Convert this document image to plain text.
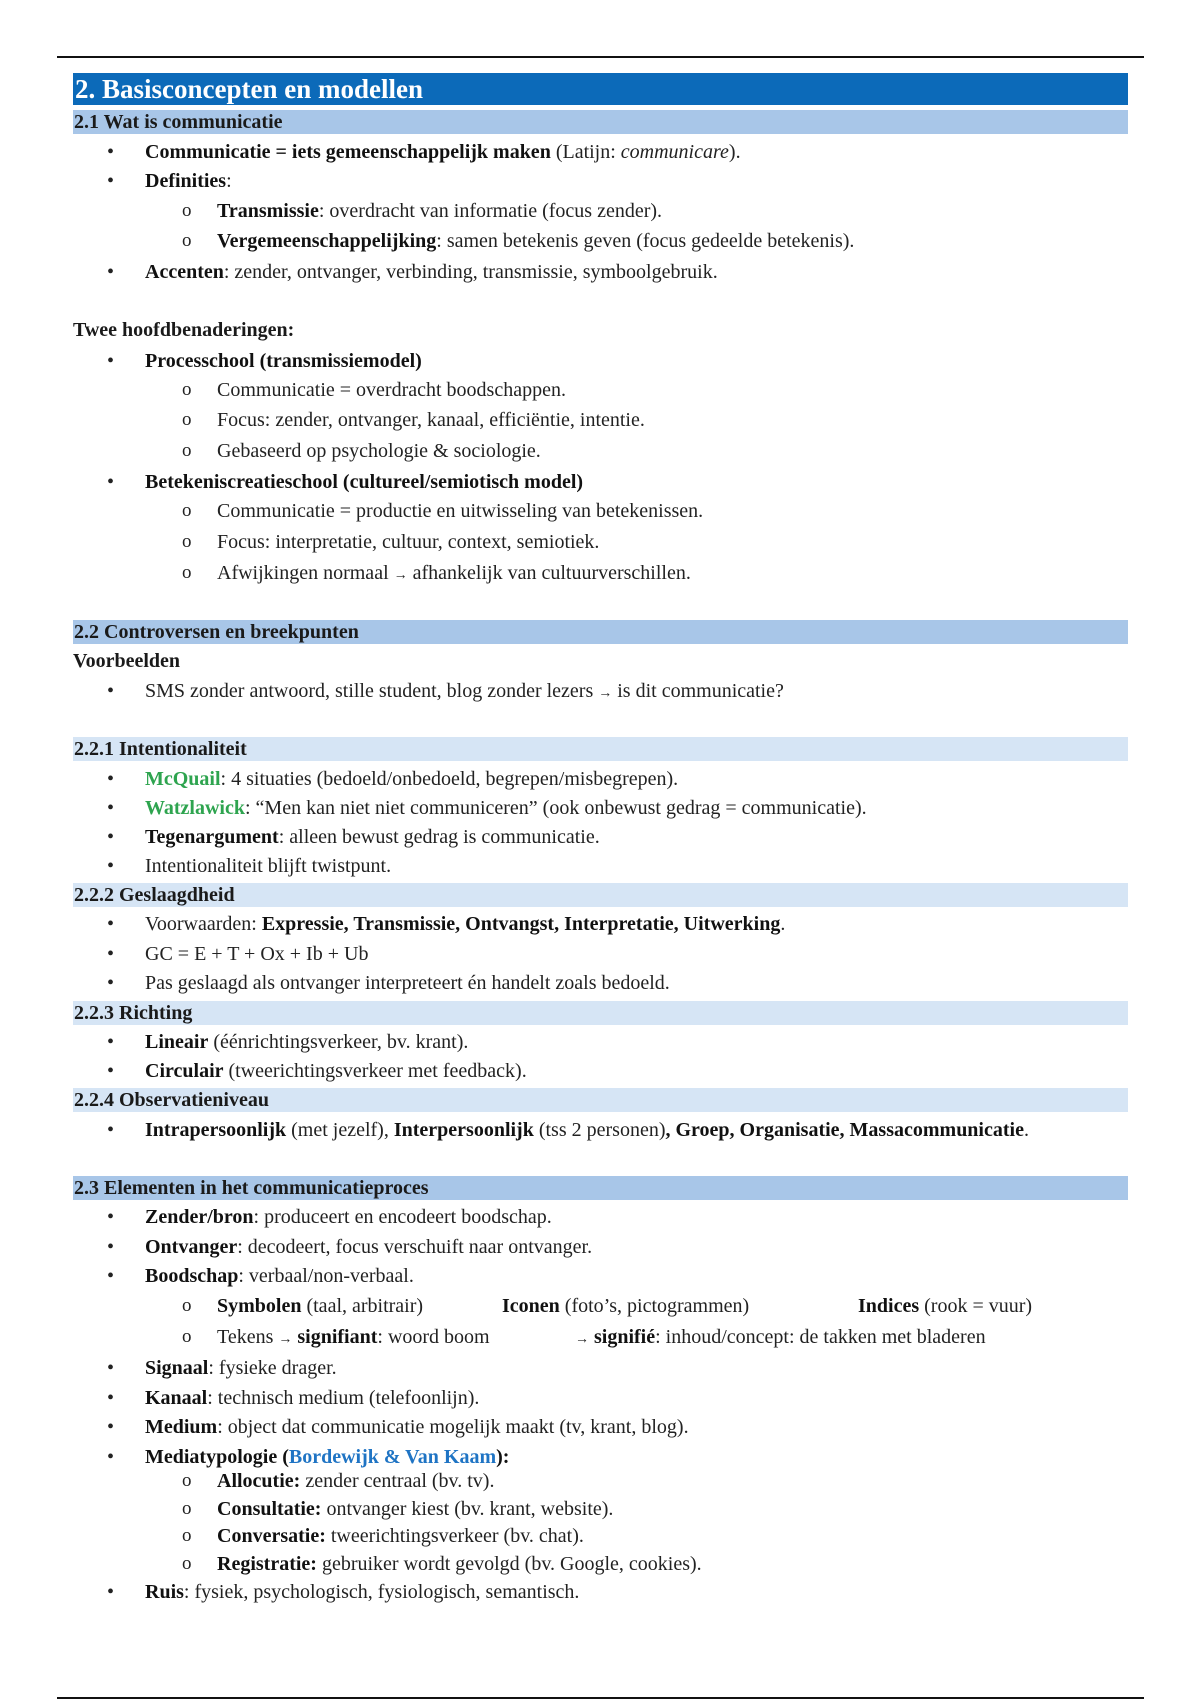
2. Basisconcepten en modellen
2.1 Wat is communicatie
• Communicatie = iets gemeenschappelijk maken (Latijn: communicare).
• Definities:
o Transmissie: overdracht van informatie (focus zender).
o Vergemeenschappelijking: samen betekenis geven (focus gedeelde betekenis).
• Accenten: zender, ontvanger, verbinding, transmissie, symboolgebruik.
Twee hoofdbenaderingen:
• Processchool (transmissiemodel)
o Communicatie = overdracht boodschappen.
o Focus: zender, ontvanger, kanaal, efficiëntie, intentie.
o Gebaseerd op psychologie & sociologie.
• Betekeniscreatieschool (cultureel/semiotisch model)
o Communicatie = productie en uitwisseling van betekenissen.
o Focus: interpretatie, cultuur, context, semiotiek.
o Afwijkingen normaal → afhankelijk van cultuurverschillen.
2.2 Controversen en breekpunten
Voorbeelden
• SMS zonder antwoord, stille student, blog zonder lezers → is dit communicatie?
2.2.1 Intentionaliteit
• McQuail: 4 situaties (bedoeld/onbedoeld, begrepen/misbegrepen).
• Watzlawick: “Men kan niet niet communiceren” (ook onbewust gedrag = communicatie).
• Tegenargument: alleen bewust gedrag is communicatie.
• Intentionaliteit blijft twistpunt.
2.2.2 Geslaagdheid
• Voorwaarden: Expressie, Transmissie, Ontvangst, Interpretatie, Uitwerking.
• GC = E + T + Ox + Ib + Ub
• Pas geslaagd als ontvanger interpreteert én handelt zoals bedoeld.
2.2.3 Richting
• Lineair (éénrichtingsverkeer, bv. krant).
• Circulair (tweerichtingsverkeer met feedback).
2.2.4 Observatieniveau
• Intrapersoonlijk (met jezelf), Interpersoonlijk (tss 2 personen), Groep, Organisatie, Massacommunicatie.
2.3 Elementen in het communicatieproces
• Zender/bron: produceert en encodeert boodschap.
• Ontvanger: decodeert, focus verschuift naar ontvanger.
• Boodschap: verbaal/non-verbaal.
o Symbolen (taal, arbitrair)	Iconen (foto’s, pictogrammen)	Indices (rook = vuur)
o Tekens → signifiant: woord boom	→ signifié: inhoud/concept: de takken met bladeren
• Signaal: fysieke drager.
• Kanaal: technisch medium (telefoonlijn).
• Medium: object dat communicatie mogelijk maakt (tv, krant, blog).
• Mediatypologie (Bordewijk & Van Kaam):
o Allocutie: zender centraal (bv. tv).
o Consultatie: ontvanger kiest (bv. krant, website).
o Conversatie: tweerichtingsverkeer (bv. chat).
o Registratie: gebruiker wordt gevolgd (bv. Google, cookies).
• Ruis: fysiek, psychologisch, fysiologisch, semantisch.
